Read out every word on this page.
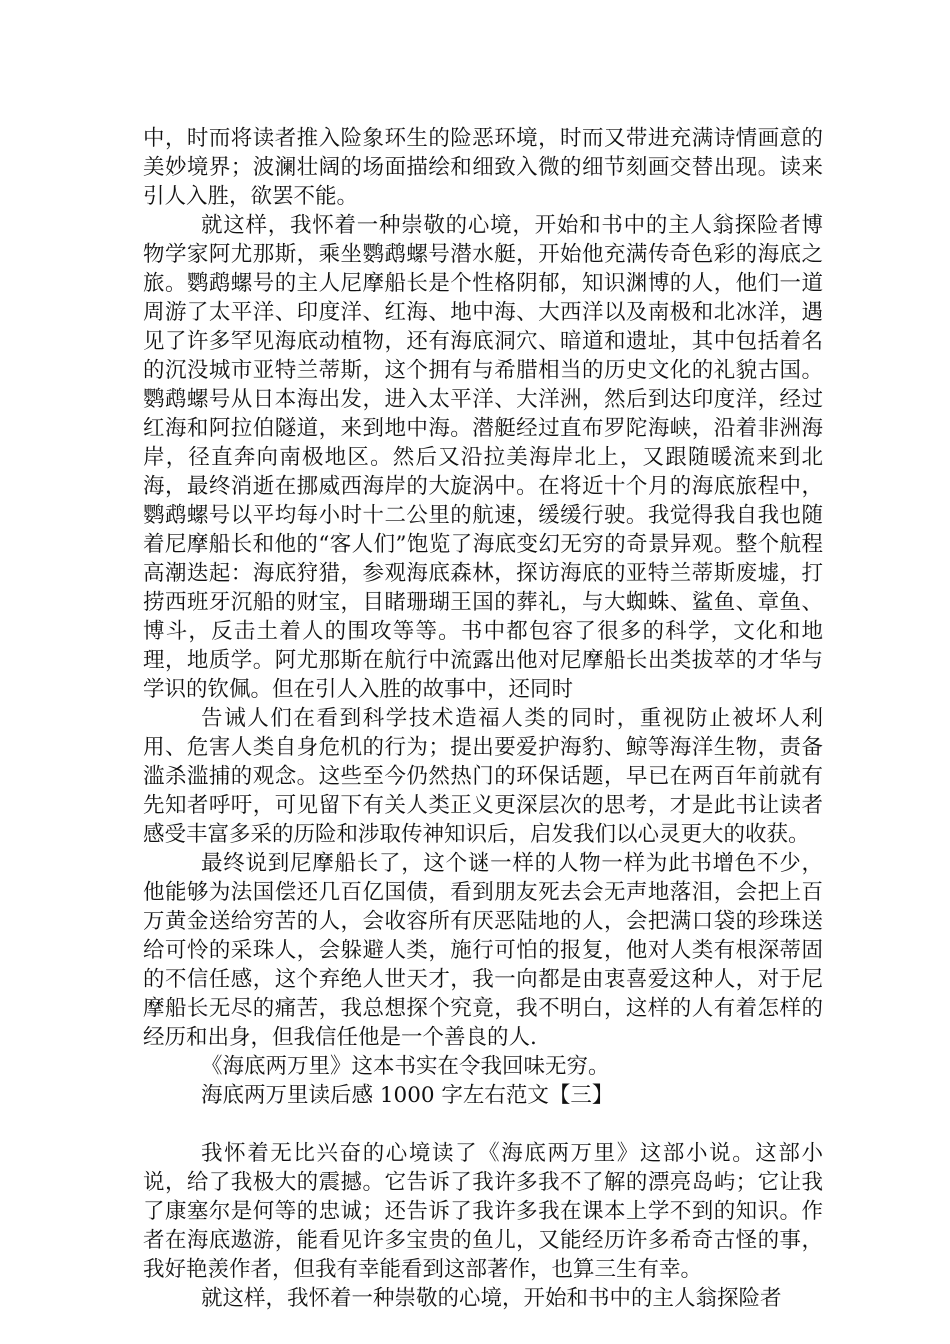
中，时而将读者推入险象环生的险恶环境，时而又带进充满诗情画意的美妙境界；波澜壮阔的场面描绘和细致入微的细节刻画交替出现。读来引人入胜，欲罢不能。

就这样，我怀着一种崇敬的心境，开始和书中的主人翁探险者博物学家阿尤那斯，乘坐鹦鹉螺号潜水艇，开始他充满传奇色彩的海底之旅。鹦鹉螺号的主人尼摩船长是个性格阴郁，知识渊博的人，他们一道周游了太平洋、印度洋、红海、地中海、大西洋以及南极和北冰洋，遇见了许多罕见海底动植物，还有海底洞穴、暗道和遗址，其中包括着名的沉没城市亚特兰蒂斯，这个拥有与希腊相当的历史文化的礼貌古国。鹦鹉螺号从日本海出发，进入太平洋、大洋洲，然后到达印度洋，经过红海和阿拉伯隧道，来到地中海。潜艇经过直布罗陀海峡，沿着非洲海岸，径直奔向南极地区。然后又沿拉美海岸北上，又跟随暖流来到北海，最终消逝在挪威西海岸的大旋涡中。在将近十个月的海底旅程中，鹦鹉螺号以平均每小时十二公里的航速，缓缓行驶。我觉得我自我也随着尼摩船长和他的“客人们”饱览了海底变幻无穷的奇景异观。整个航程高潮迭起：海底狩猎，参观海底森林，探访海底的亚特兰蒂斯废墟，打捞西班牙沉船的财宝，目睹珊瑚王国的葬礼，与大蜘蛛、鲨鱼、章鱼、博斗，反击土着人的围攻等等。书中都包容了很多的科学，文化和地理，地质学。阿尤那斯在航行中流露出他对尼摩船长出类拔萃的才华与学识的钦佩。但在引人入胜的故事中，还同时

告诫人们在看到科学技术造福人类的同时，重视防止被坏人利用、危害人类自身危机的行为；提出要爱护海豹、鲸等海洋生物，责备滥杀滥捕的观念。这些至今仍然热门的环保话题，早已在两百年前就有先知者呼吁，可见留下有关人类正义更深层次的思考，才是此书让读者感受丰富多采的历险和涉取传神知识后，启发我们以心灵更大的收获。

最终说到尼摩船长了，这个谜一样的人物一样为此书增色不少，他能够为法国偿还几百亿国债，看到朋友死去会无声地落泪，会把上百万黄金送给穷苦的人，会收容所有厌恶陆地的人，会把满口袋的珍珠送给可怜的采珠人，会躲避人类，施行可怕的报复，他对人类有根深蒂固的不信任感，这个弃绝人世天才，我一向都是由衷喜爱这种人，对于尼摩船长无尽的痛苦，我总想探个究竟，我不明白，这样的人有着怎样的经历和出身，但我信任他是一个善良的人.

《海底两万里》这本书实在令我回味无穷。

海底两万里读后感 1000 字左右范文【三】

我怀着无比兴奋的心境读了《海底两万里》这部小说。这部小说，给了我极大的震撼。它告诉了我许多我不了解的漂亮岛屿；它让我了康塞尔是何等的忠诚；还告诉了我许多我在课本上学不到的知识。作者在海底遨游，能看见许多宝贵的鱼儿，又能经历许多希奇古怪的事，我好艳羡作者，但我有幸能看到这部著作，也算三生有幸。

就这样，我怀着一种崇敬的心境，开始和书中的主人翁探险者
